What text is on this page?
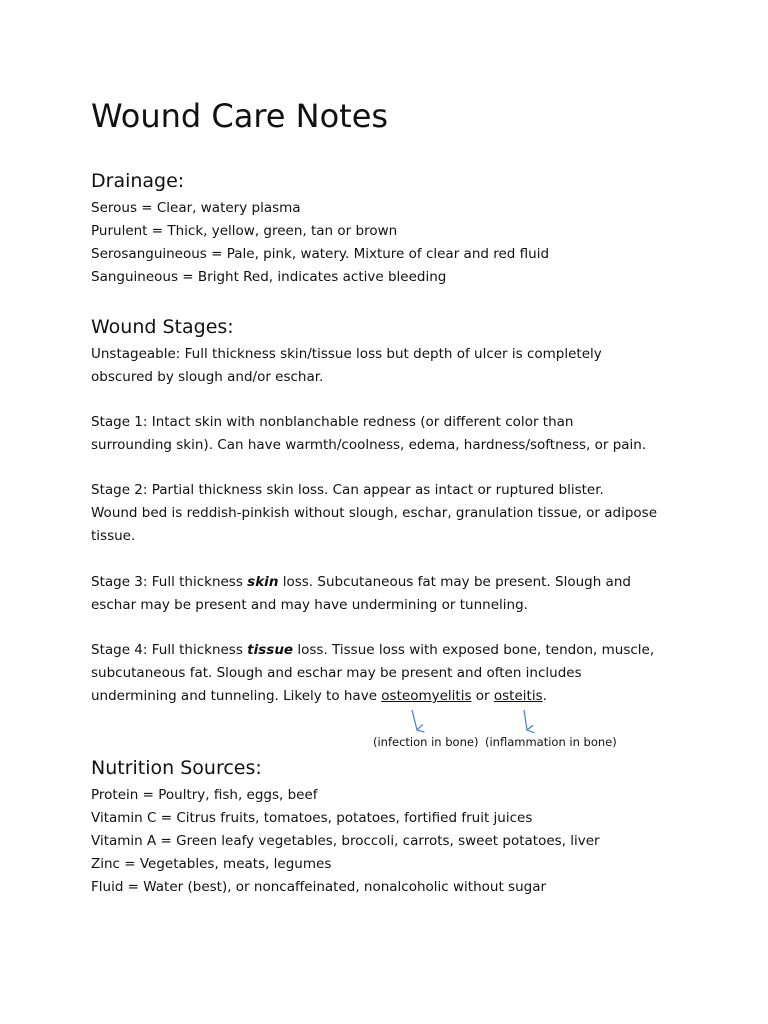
Wound Care Notes
Drainage:
Serous = Clear, watery plasma
Purulent = Thick, yellow, green, tan or brown
Serosanguineous = Pale, pink, watery. Mixture of clear and red fluid
Sanguineous = Bright Red, indicates active bleeding
Wound Stages:
Unstageable: Full thickness skin/tissue loss but depth of ulcer is completely
obscured by slough and/or eschar.
Stage 1: Intact skin with nonblanchable redness (or different color than
surrounding skin). Can have warmth/coolness, edema, hardness/softness, or pain.
Stage 2: Partial thickness skin loss. Can appear as intact or ruptured blister.
Wound bed is reddish-pinkish without slough, eschar, granulation tissue, or adipose
tissue.
Stage 3: Full thickness skin loss. Subcutaneous fat may be present. Slough and
eschar may be present and may have undermining or tunneling.
Stage 4: Full thickness tissue loss. Tissue loss with exposed bone, tendon, muscle,
subcutaneous fat. Slough and eschar may be present and often includes
undermining and tunneling. Likely to have osteomyelitis or osteitis.
(infection in bone) (inflammation in bone)
Nutrition Sources:
Protein = Poultry, fish, eggs, beef
Vitamin C = Citrus fruits, tomatoes, potatoes, fortified fruit juices
Vitamin A = Green leafy vegetables, broccoli, carrots, sweet potatoes, liver
Zinc = Vegetables, meats, legumes
Fluid = Water (best), or noncaffeinated, nonalcoholic without sugar
